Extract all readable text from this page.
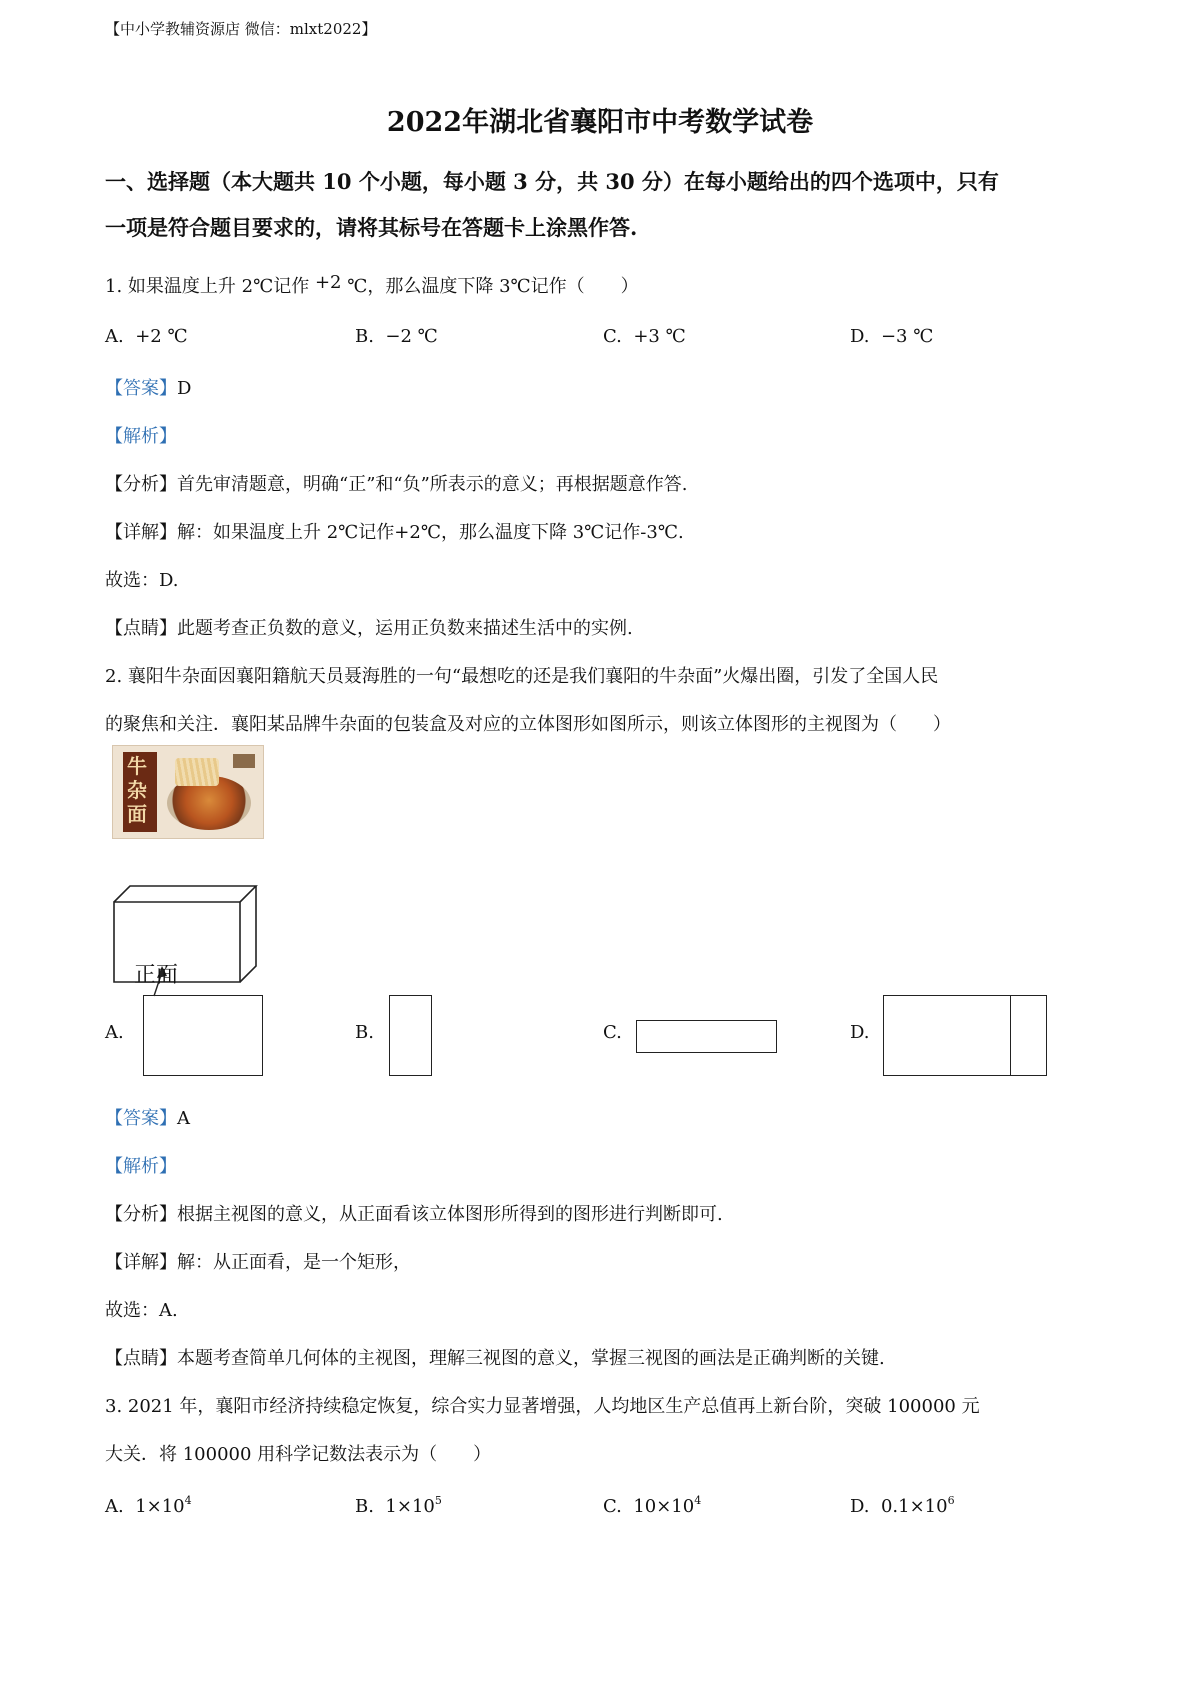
【中小学教辅资源店 微信：mlxt2022】
2022年湖北省襄阳市中考数学试卷
一、选择题（本大题共 10 个小题，每小题 3 分，共 30 分）在每小题给出的四个选项中，只有
一项是符合题目要求的，请将其标号在答题卡上涂黑作答.
1. 如果温度上升 2℃记作 $^{+2}$ ℃，那么温度下降 3℃记作（　　）
A. +2 ℃	B. −2 ℃	C. +3 ℃	D. −3 ℃
【答案】D
【解析】
【分析】首先审清题意，明确“正”和“负”所表示的意义；再根据题意作答.
【详解】解：如果温度上升 2℃记作+2℃，那么温度下降 3℃记作-3℃.
故选：D.
【点睛】此题考查正负数的意义，运用正负数来描述生活中的实例.
2. 襄阳牛杂面因襄阳籍航天员聂海胜的一句“最想吃的还是我们襄阳的牛杂面”火爆出圈，引发了全国人民
的聚焦和关注．襄阳某品牌牛杂面的包装盒及对应的立体图形如图所示，则该立体图形的主视图为（　　）
牛杂面
正面
A.	B.	C.	D.
【答案】A
【解析】
【分析】根据主视图的意义，从正面看该立体图形所得到的图形进行判断即可.
【详解】解：从正面看，是一个矩形，
故选：A.
【点睛】本题考查简单几何体的主视图，理解三视图的意义，掌握三视图的画法是正确判断的关键.
3. 2021 年，襄阳市经济持续稳定恢复，综合实力显著增强，人均地区生产总值再上新台阶，突破 100000 元
大关．将 100000 用科学记数法表示为（　　）
A. $1\times 10^4$	B. $1\times 10^5$	C. $10\times 10^4$	D. $0.1\times 10^6$
